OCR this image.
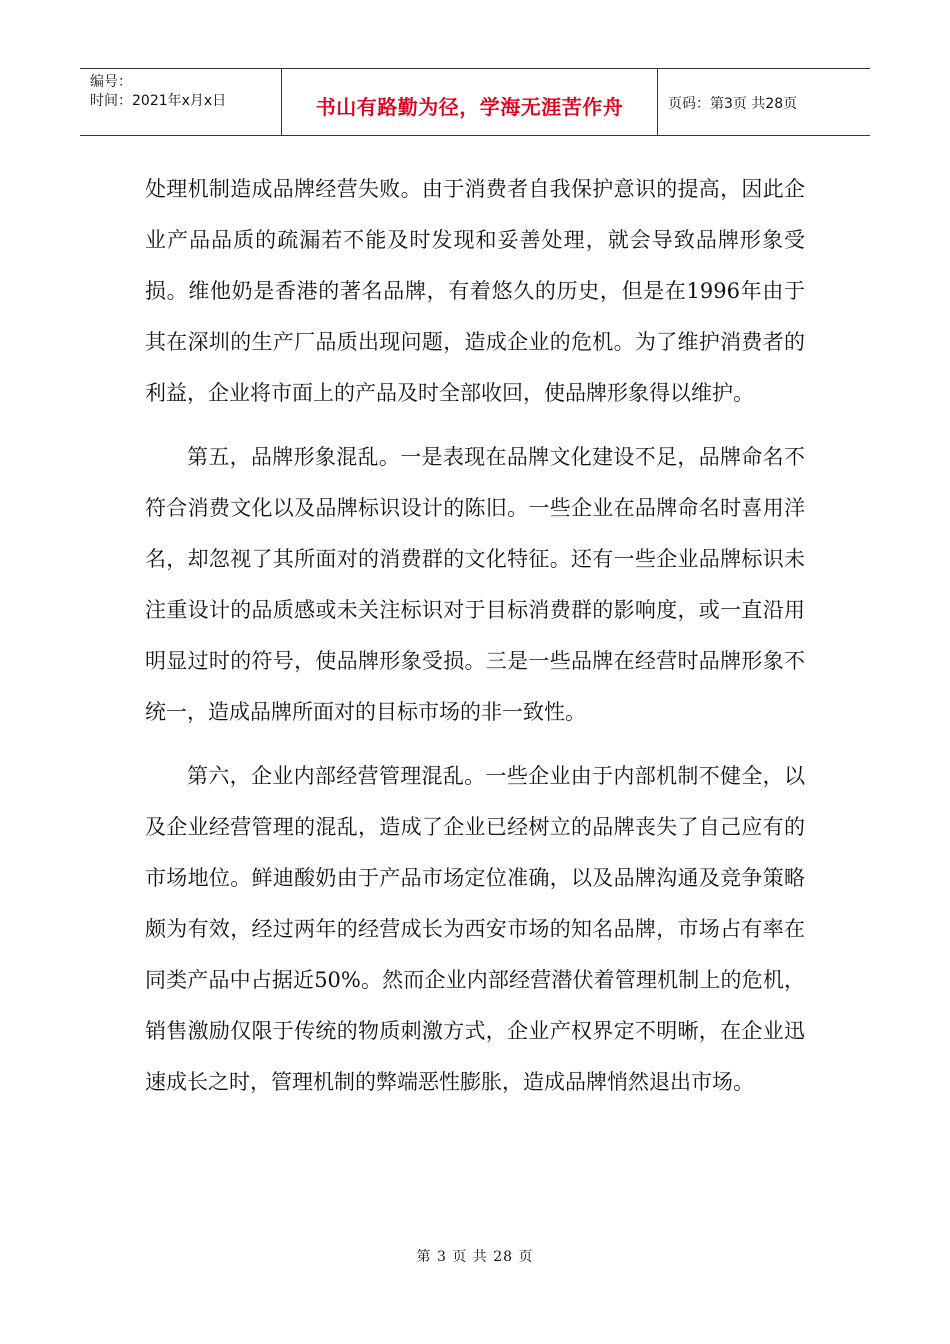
编号：
时间：2021年x月x日	书山有路勤为径，学海无涯苦作舟	页码：第3页 共28页

处理机制造成品牌经营失败。由于消费者自我保护意识的提高，因此企业产品品质的疏漏若不能及时发现和妥善处理，就会导致品牌形象受损。维他奶是香港的著名品牌，有着悠久的历史，但是在1996年由于其在深圳的生产厂品质出现问题，造成企业的危机。为了维护消费者的利益，企业将市面上的产品及时全部收回，使品牌形象得以维护。

第五，品牌形象混乱。一是表现在品牌文化建设不足，品牌命名不符合消费文化以及品牌标识设计的陈旧。一些企业在品牌命名时喜用洋名，却忽视了其所面对的消费群的文化特征。还有一些企业品牌标识未注重设计的品质感或未关注标识对于目标消费群的影响度，或一直沿用明显过时的符号，使品牌形象受损。三是一些品牌在经营时品牌形象不统一，造成品牌所面对的目标市场的非一致性。

第六，企业内部经营管理混乱。一些企业由于内部机制不健全，以及企业经营管理的混乱，造成了企业已经树立的品牌丧失了自己应有的市场地位。鲜迪酸奶由于产品市场定位准确，以及品牌沟通及竞争策略颇为有效，经过两年的经营成长为西安市场的知名品牌，市场占有率在同类产品中占据近50%。然而企业内部经营潜伏着管理机制上的危机，销售激励仅限于传统的物质刺激方式，企业产权界定不明晰，在企业迅速成长之时，管理机制的弊端恶性膨胀，造成品牌悄然退出市场。

第 3 页 共 28 页
